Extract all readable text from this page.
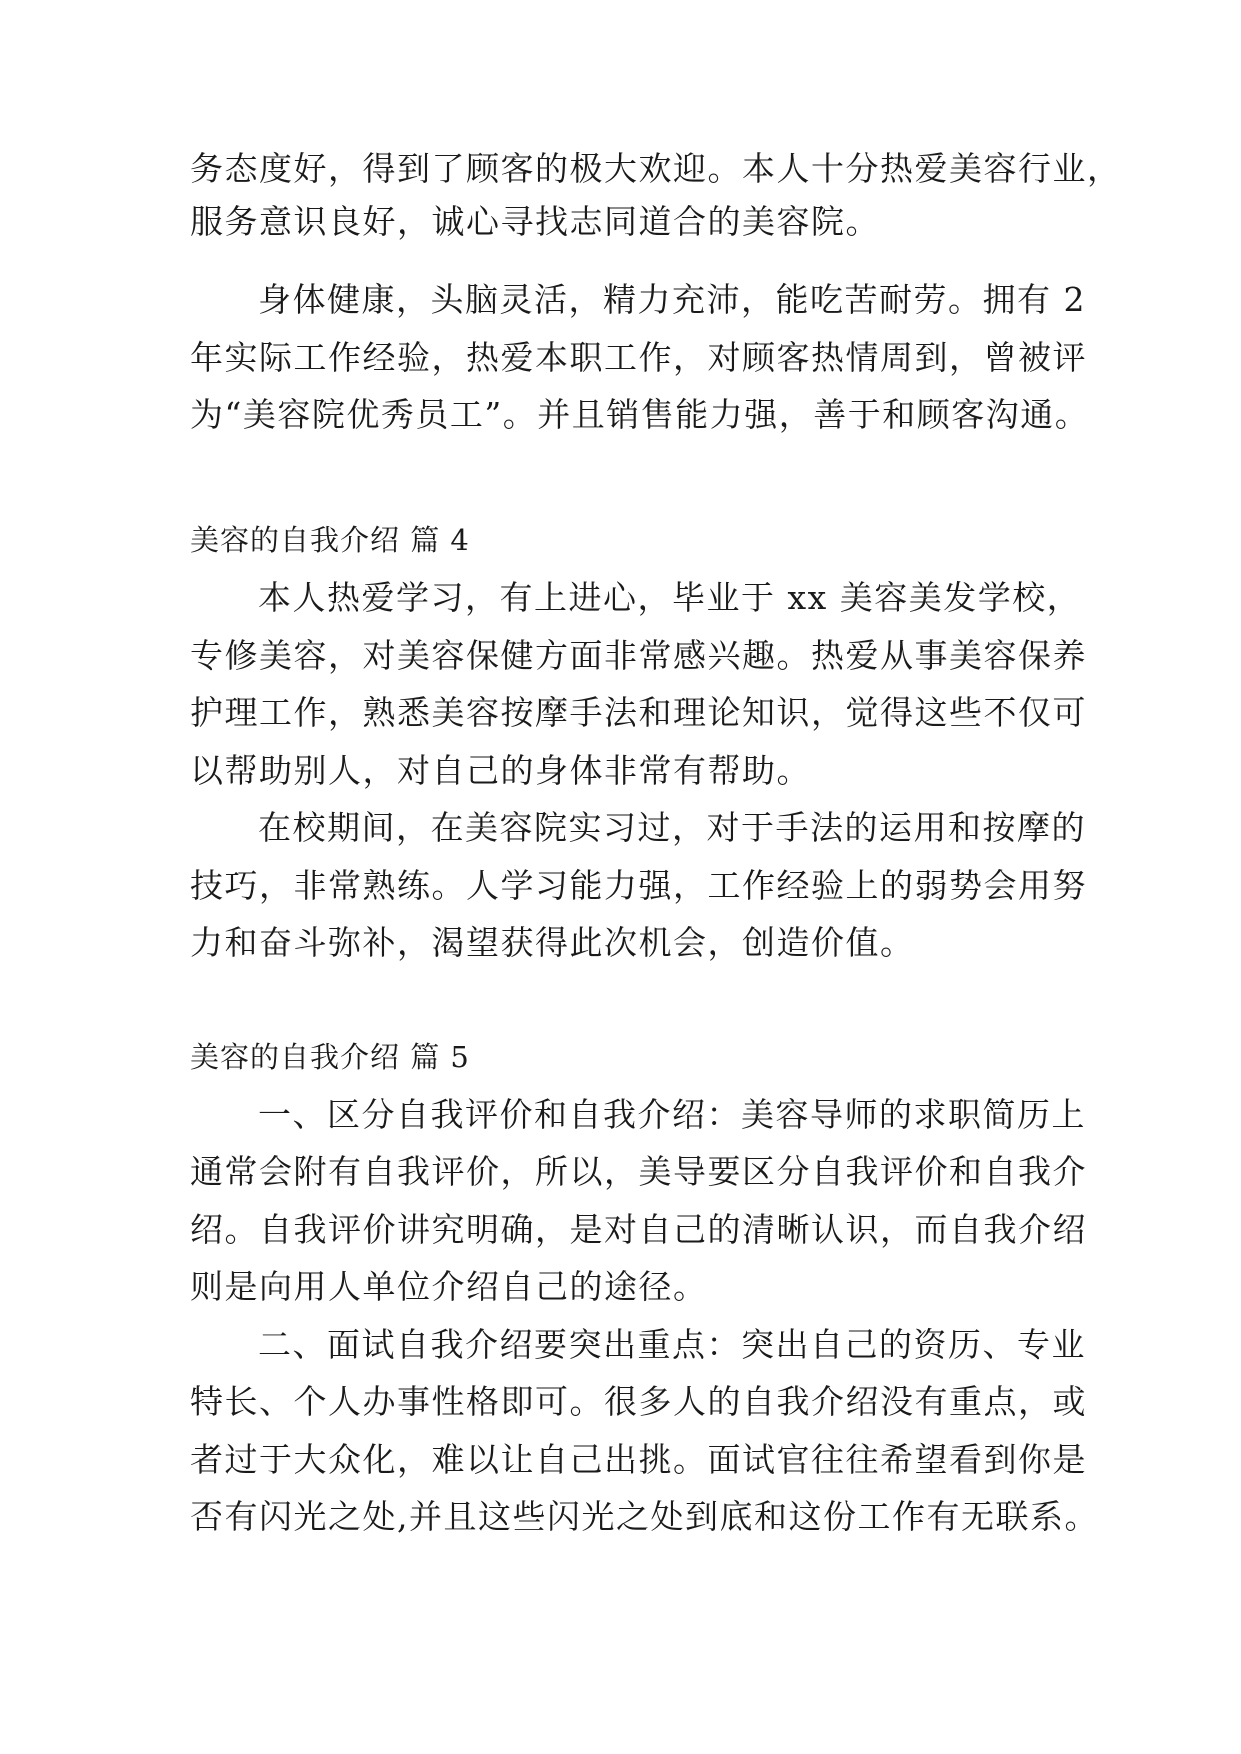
务态度好，得到了顾客的极大欢迎。本人十分热爱美容行业，
服务意识良好，诚心寻找志同道合的美容院。
身体健康，头脑灵活，精力充沛，能吃苦耐劳。拥有 2
年实际工作经验，热爱本职工作，对顾客热情周到，曾被评
为“美容院优秀员工”。并且销售能力强，善于和顾客沟通。
美容的自我介绍 篇 4
本人热爱学习，有上进心，毕业于 xx 美容美发学校，
专修美容，对美容保健方面非常感兴趣。热爱从事美容保养
护理工作，熟悉美容按摩手法和理论知识，觉得这些不仅可
以帮助别人，对自己的身体非常有帮助。
在校期间，在美容院实习过，对于手法的运用和按摩的
技巧，非常熟练。人学习能力强，工作经验上的弱势会用努
力和奋斗弥补，渴望获得此次机会，创造价值。
美容的自我介绍 篇 5
一、区分自我评价和自我介绍：美容导师的求职简历上
通常会附有自我评价，所以，美导要区分自我评价和自我介
绍。自我评价讲究明确，是对自己的清晰认识，而自我介绍
则是向用人单位介绍自己的途径。
二、面试自我介绍要突出重点：突出自己的资历、专业
特长、个人办事性格即可。很多人的自我介绍没有重点，或
者过于大众化，难以让自己出挑。面试官往往希望看到你是
否有闪光之处,并且这些闪光之处到底和这份工作有无联系。
